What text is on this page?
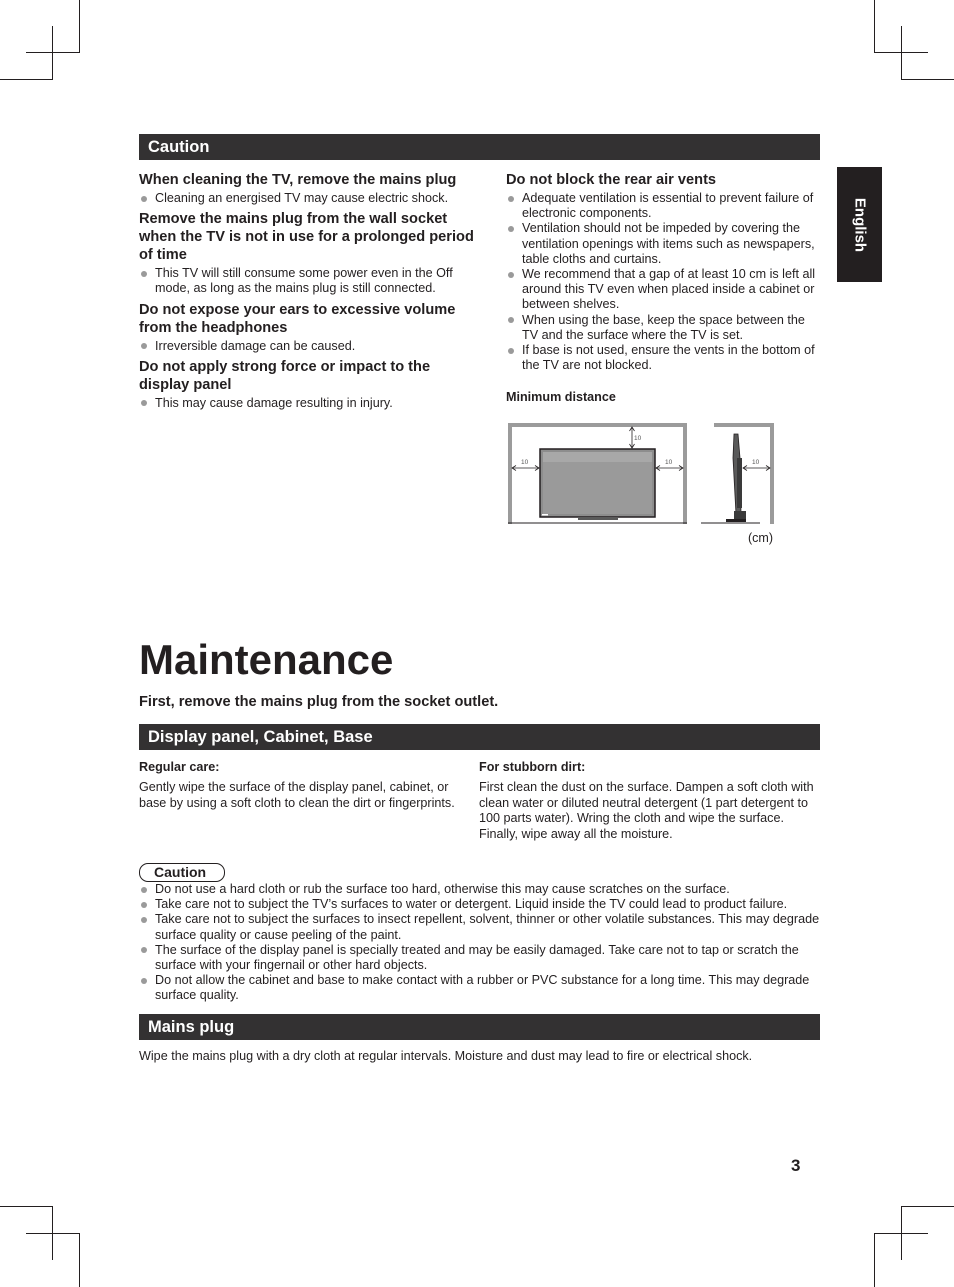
English
Caution

When cleaning the TV, remove the mains plug

Cleaning an energised TV may cause electric shock.

Remove the mains plug from the wall socket when the TV is not in use for a prolonged period of time

This TV will still consume some power even in the Off mode, as long as the mains plug is still connected.

Do not expose your ears to excessive volume from the headphones

Irreversible damage can be caused.

Do not apply strong force or impact to the display panel

This may cause damage resulting in injury.

Do not block the rear air vents

Adequate ventilation is essential to prevent failure of electronic components.
Ventilation should not be impeded by covering the ventilation openings with items such as newspapers, table cloths and curtains.
We recommend that a gap of at least 10 cm is left all around this TV even when placed inside a cabinet or between shelves.
When using the base, keep the space between the TV and the surface where the TV is set.
If base is not used, ensure the vents in the bottom of the TV are not blocked.
Minimum distance
10
10	10	10
(cm)
Maintenance
First, remove the mains plug from the socket outlet.
Display panel, Cabinet, Base

Regular care:

Gently wipe the surface of the display panel, cabinet, or base by using a soft cloth to clean the dirt or fingerprints.

For stubborn dirt:

First clean the dust on the surface. Dampen a soft cloth with clean water or diluted neutral detergent (1 part detergent to 100 parts water). Wring the cloth and wipe the surface. Finally, wipe away all the moisture.

Caution
Do not use a hard cloth or rub the surface too hard, otherwise this may cause scratches on the surface.
Take care not to subject the TV’s surfaces to water or detergent. Liquid inside the TV could lead to product failure.
Take care not to subject the surfaces to insect repellent, solvent, thinner or other volatile substances. This may degrade surface quality or cause peeling of the paint.
The surface of the display panel is specially treated and may be easily damaged. Take care not to tap or scratch the surface with your fingernail or other hard objects.
Do not allow the cabinet and base to make contact with a rubber or PVC substance for a long time. This may degrade surface quality.
Mains plug
Wipe the mains plug with a dry cloth at regular intervals. Moisture and dust may lead to fire or electrical shock.
3
